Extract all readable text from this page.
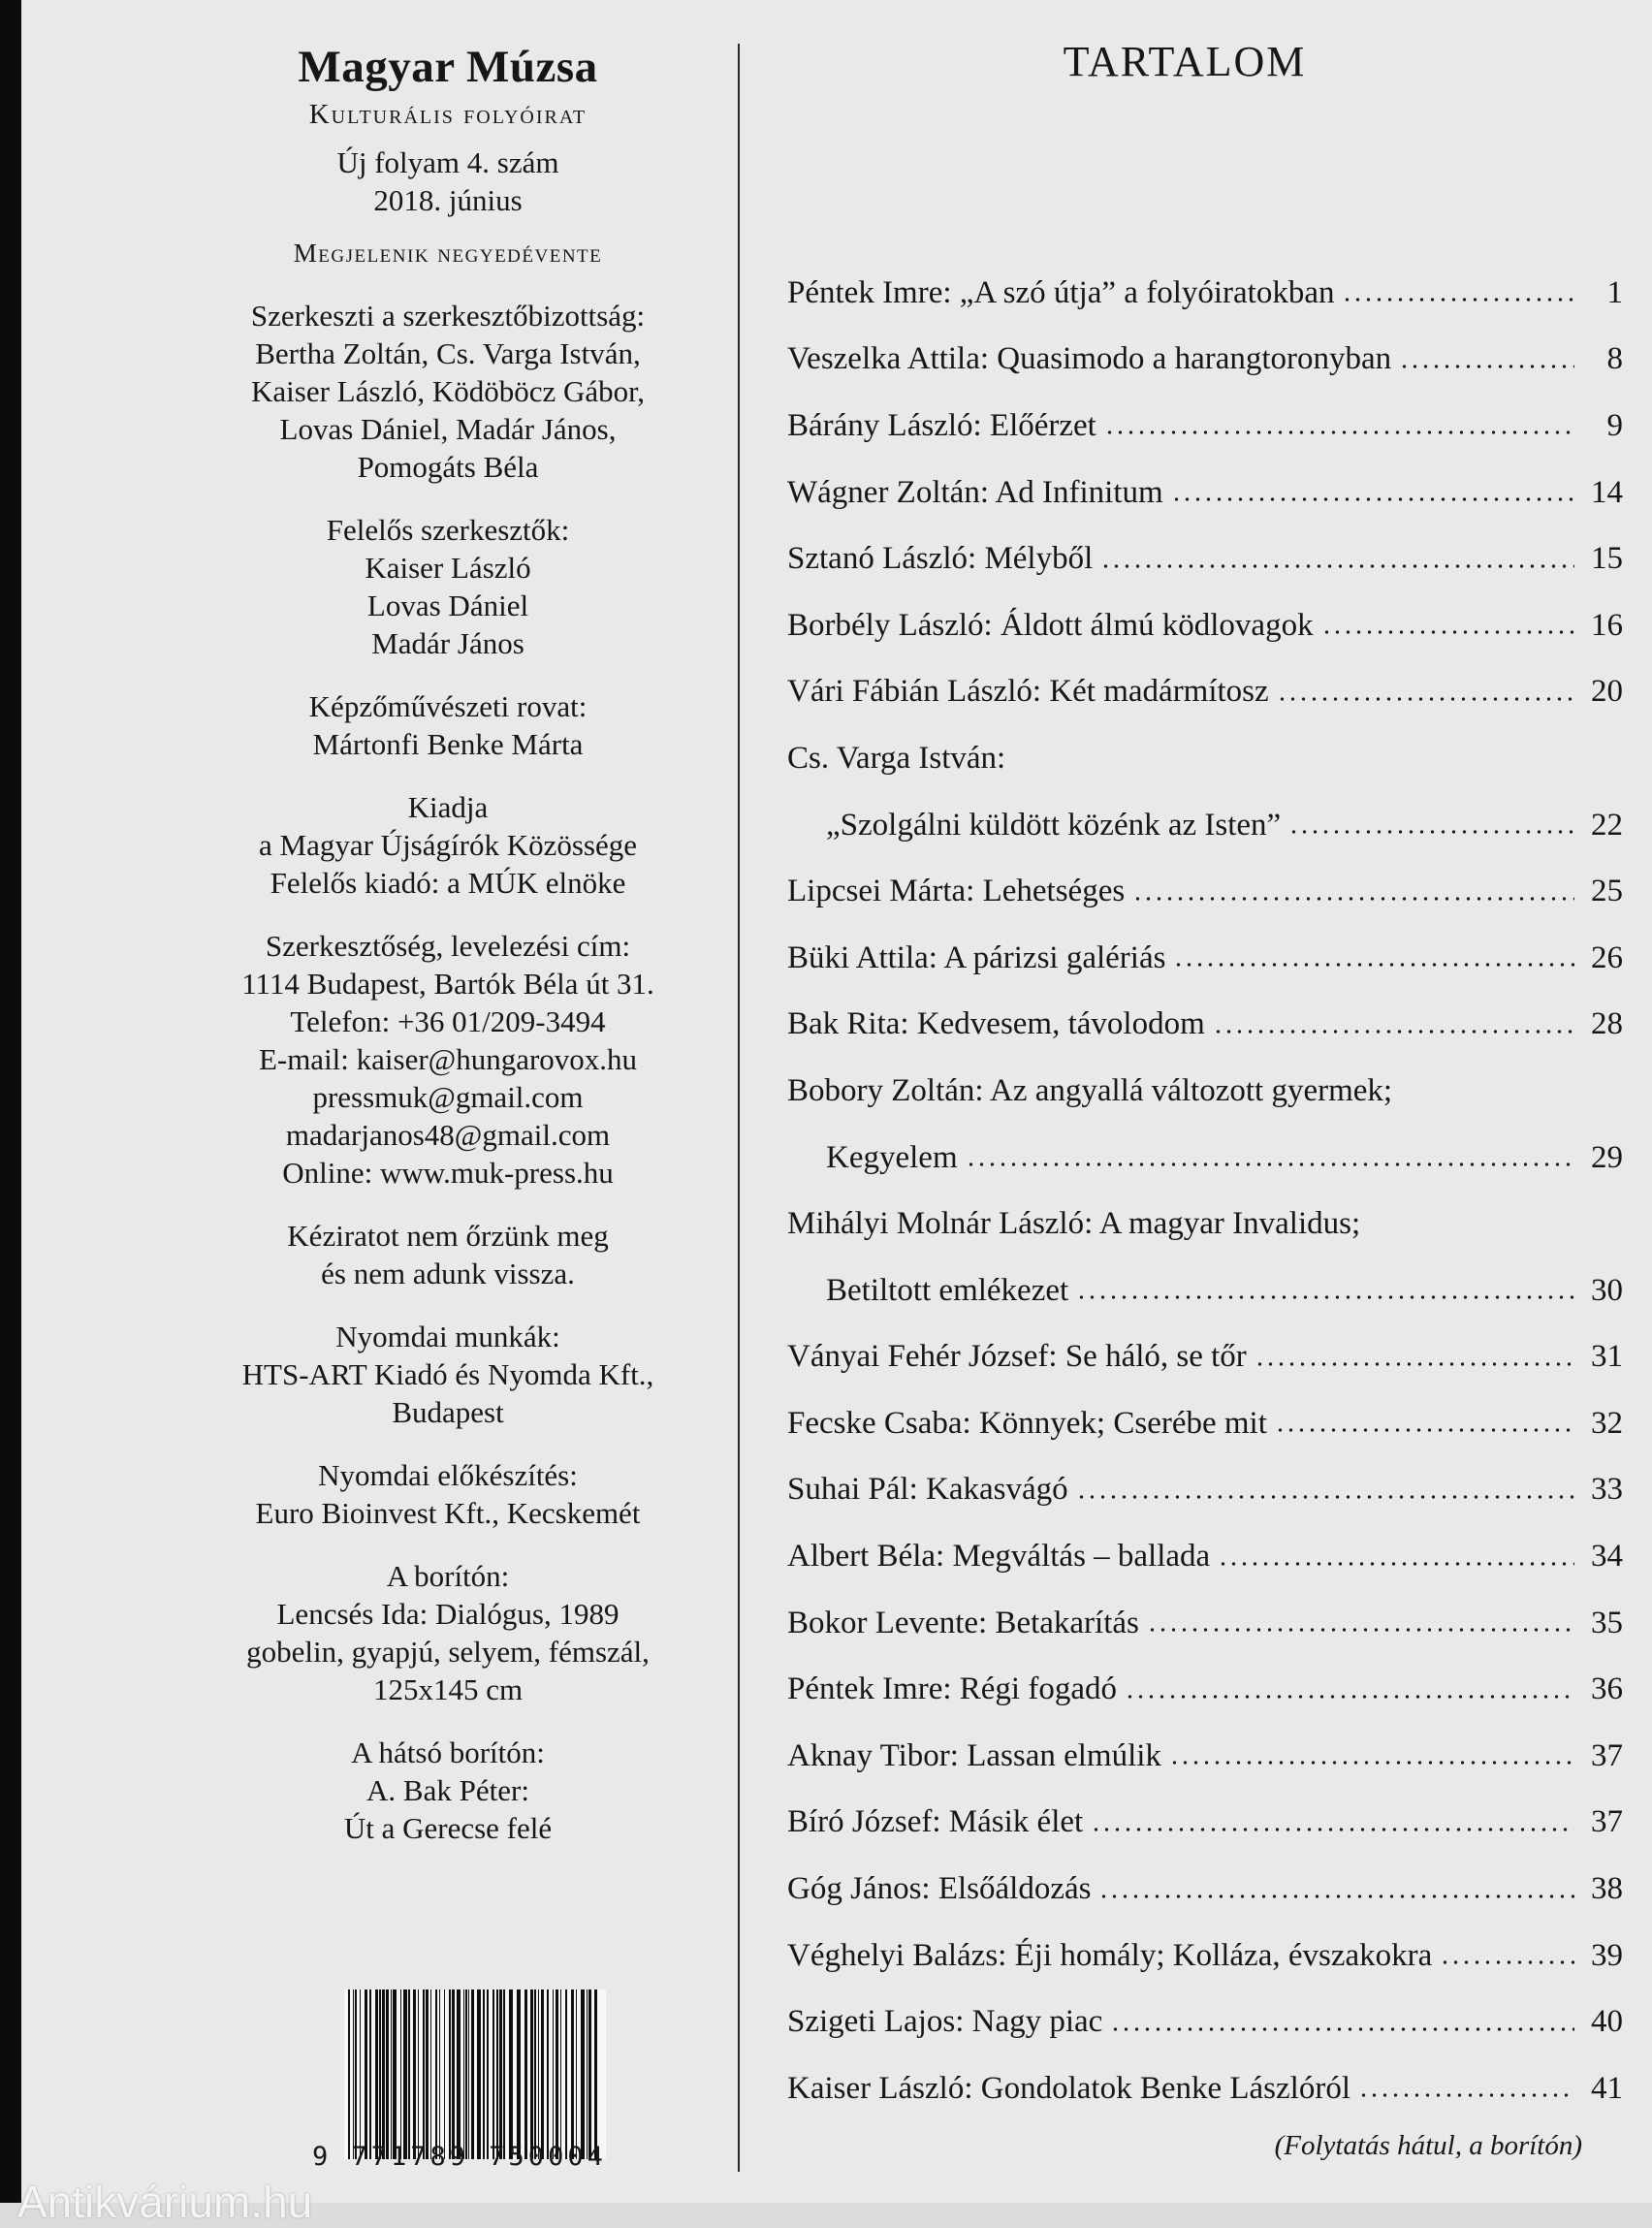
Magyar Múzsa
Kulturális folyóirat
Új folyam 4. szám
2018. június
Megjelenik negyedévente
Szerkeszti a szerkesztőbizottság:
Bertha Zoltán, Cs. Varga István,
Kaiser László, Ködöböcz Gábor,
Lovas Dániel, Madár János,
Pomogáts Béla
Felelős szerkesztők:
Kaiser László
Lovas Dániel
Madár János
Képzőművészeti rovat:
Mártonfi Benke Márta
Kiadja
a Magyar Újságírók Közössége
Felelős kiadó: a MÚK elnöke
Szerkesztőség, levelezési cím:
1114 Budapest, Bartók Béla út 31.
Telefon: +36 01/209-3494
E-mail: kaiser@hungarovox.hu
pressmuk@gmail.com
madarjanos48@gmail.com
Online: www.muk-press.hu
Kéziratot nem őrzünk meg
és nem adunk vissza.
Nyomdai munkák:
HTS-ART Kiadó és Nyomda Kft.,
Budapest
Nyomdai előkészítés:
Euro Bioinvest Kft., Kecskemét
A borítón:
Lencsés Ida: Dialógus, 1989
gobelin, gyapjú, selyem, fémszál,
125x145 cm
A hátsó borítón:
A. Bak Péter:
Út a Gerecse felé
9 771789 750004
TARTALOM
Péntek Imre: „A szó útja” a folyóiratokban	1
Veszelka Attila: Quasimodo a harangtoronyban	8
Bárány László: Előérzet	9
Wágner Zoltán: Ad Infinitum	14
Sztanó László: Mélyből	15
Borbély László: Áldott álmú ködlovagok	16
Vári Fábián László: Két madármítosz	20
Cs. Varga István:
„Szolgálni küldött közénk az Isten”	22
Lipcsei Márta: Lehetséges	25
Büki Attila: A párizsi galériás	26
Bak Rita: Kedvesem, távolodom	28
Bobory Zoltán: Az angyallá változott gyermek;
Kegyelem	29
Mihályi Molnár László: A magyar Invalidus;
Betiltott emlékezet	30
Ványai Fehér József: Se háló, se tőr	31
Fecske Csaba: Könnyek; Cserébe mit	32
Suhai Pál: Kakasvágó	33
Albert Béla: Megváltás – ballada	34
Bokor Levente: Betakarítás	35
Péntek Imre: Régi fogadó	36
Aknay Tibor: Lassan elmúlik	37
Bíró József: Másik élet	37
Góg János: Elsőáldozás	38
Véghelyi Balázs: Éji homály; Kolláza, évszakokra	39
Szigeti Lajos: Nagy piac	40
Kaiser László: Gondolatok Benke Lászlóról	41
(Folytatás hátul, a borítón)
Antikvárium.hu
